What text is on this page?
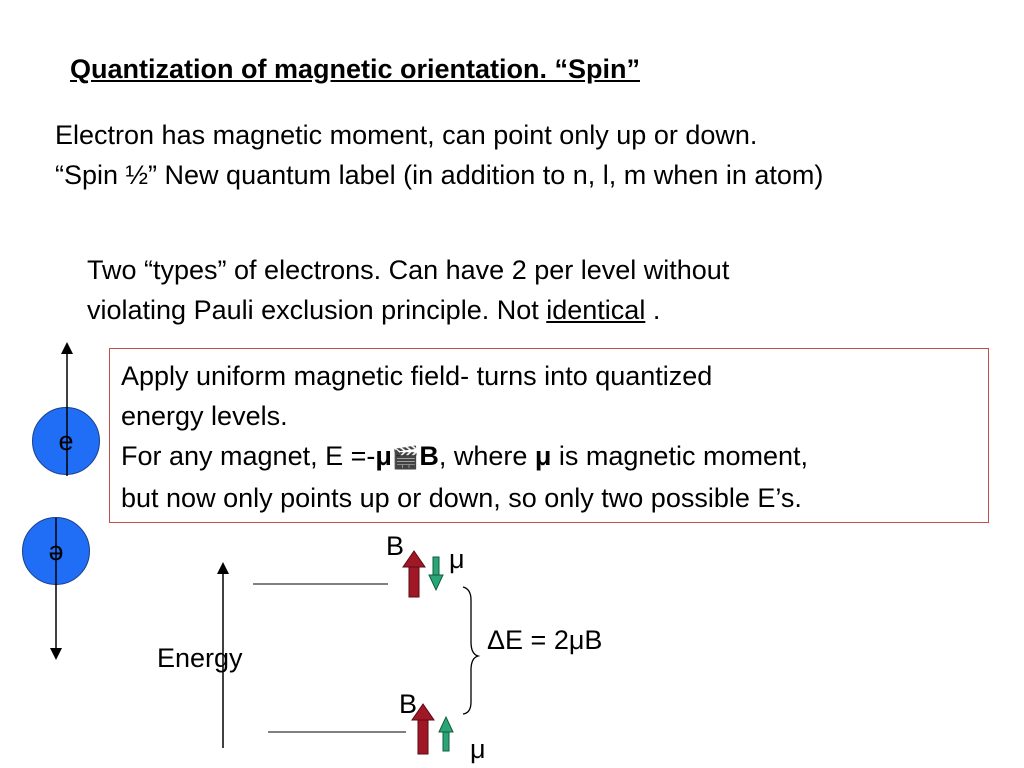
Quantization of magnetic orientation. “Spin”
Electron has magnetic moment, can point only up or down.
“Spin ½” New quantum label (in addition to n, l, m when in atom)
Two “types” of electrons. Can have 2 per level without
violating Pauli exclusion principle. Not identical .
Apply uniform magnetic field- turns into quantized
energy levels.
For any magnet, E =-μ🎬B, where μ is magnetic moment,
but now only points up or down, so only two possible E’s.
e
ə	B μ
ΔE = 2μB
Energy
B
μ
